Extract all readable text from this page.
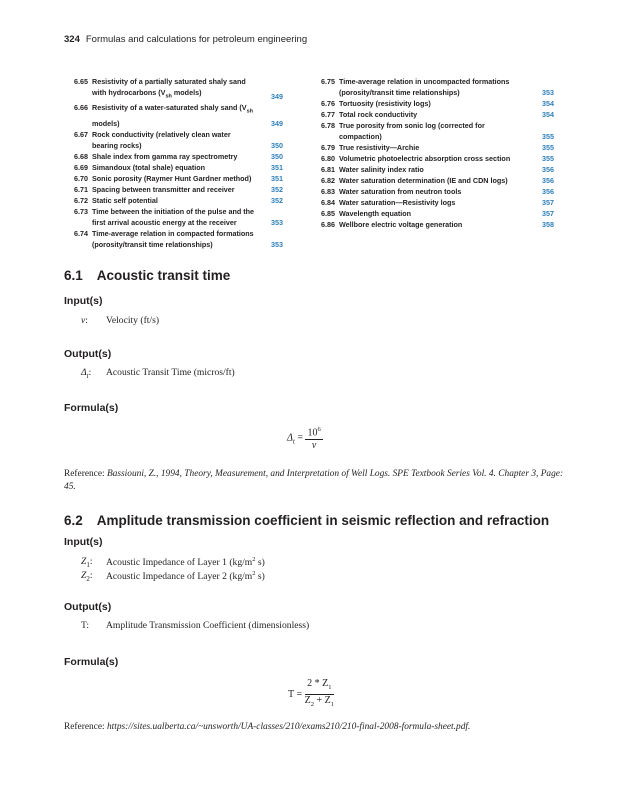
324 Formulas and calculations for petroleum engineering
6.65 Resistivity of a partially saturated shaly sand with hydrocarbons ($V_{sh}$ models)	349
6.66 Resistivity of a water-saturated shaly sand ($V_{sh}$ models)	349
6.67 Rock conductivity (relatively clean water bearing rocks)	350
6.68 Shale index from gamma ray spectrometry	350
6.69 Simandoux (total shale) equation	351
6.70 Sonic porosity (Raymer Hunt Gardner method)	351
6.71 Spacing between transmitter and receiver	352
6.72 Static self potential	352
6.73 Time between the initiation of the pulse and the first arrival acoustic energy at the receiver	353
6.74 Time-average relation in compacted formations (porosity/transit time relationships)	353
6.75 Time-average relation in uncompacted formations (porosity/transit time relationships)	353
6.76 Tortuosity (resistivity logs)	354
6.77 Total rock conductivity	354
6.78 True porosity from sonic log (corrected for compaction)	355
6.79 True resistivity—Archie	355
6.80 Volumetric photoelectric absorption cross section	355
6.81 Water salinity index ratio	356
6.82 Water saturation determination (IE and CDN logs)	356
6.83 Water saturation from neutron tools	356
6.84 Water saturation—Resistivity logs	357
6.85 Wavelength equation	357
6.86 Wellbore electric voltage generation	358
6.1 Acoustic transit time
Input(s)
v: Velocity (ft/s)
Output(s)
$\Delta_t$: Acoustic Transit Time (micros/ft)
Formula(s)
$\Delta_t = \frac{10^6}{v}$
Reference: Bassiouni, Z., 1994, Theory, Measurement, and Interpretation of Well Logs. SPE Textbook Series Vol. 4. Chapter 3, Page: 45.
6.2 Amplitude transmission coefficient in seismic reflection and refraction
Input(s)
$Z_1$: Acoustic Impedance of Layer 1 ($kg/m^2$ s)
$Z_2$: Acoustic Impedance of Layer 2 ($kg/m^2$ s)
Output(s)
T: Amplitude Transmission Coefficient (dimensionless)
Formula(s)
$T = \frac{2 * Z_1}{Z_2 + Z_1}$
Reference: https://sites.ualberta.ca/~unsworth/UA-classes/210/exams210/210-final-2008-formula-sheet.pdf.
